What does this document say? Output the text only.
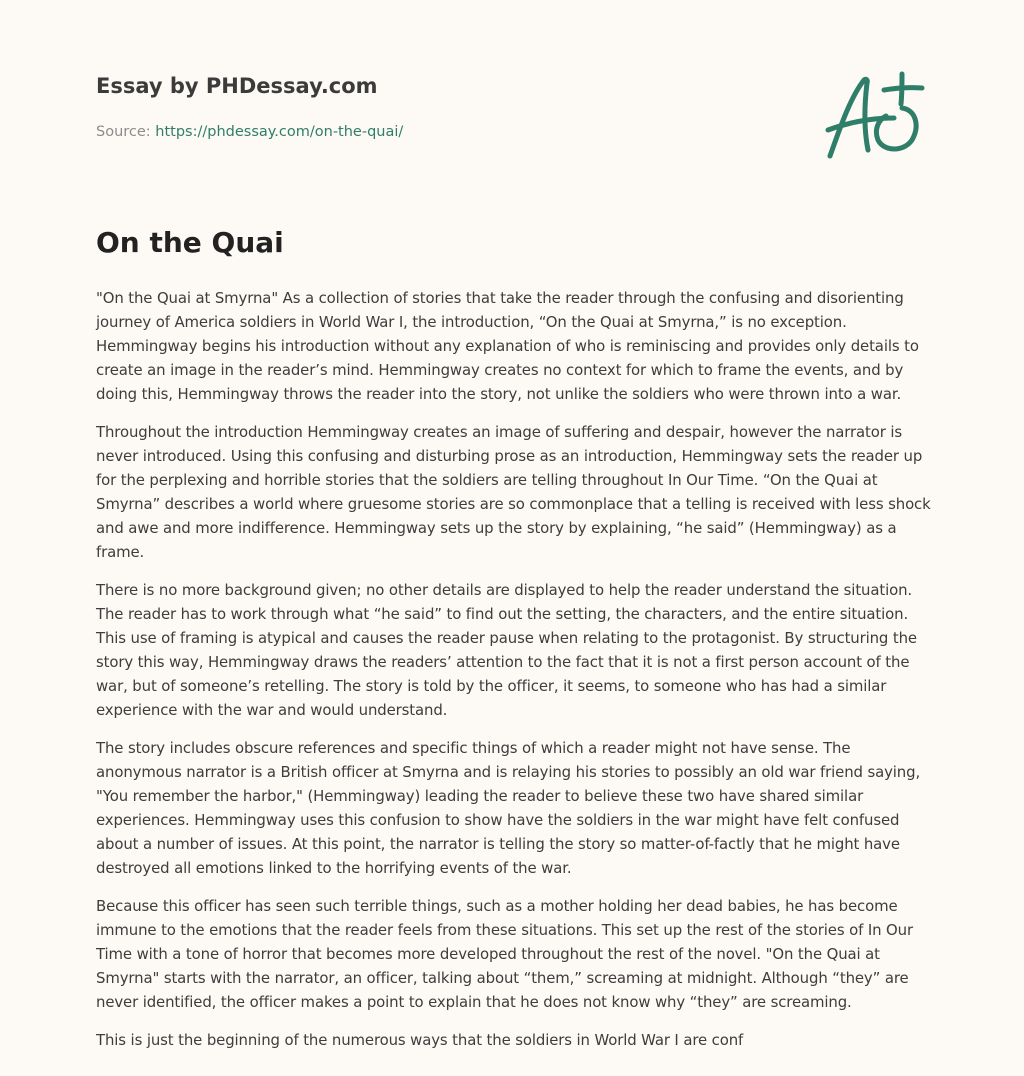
Essay by PHDessay.com
Source: https://phdessay.com/on-the-quai/
On the Quai

"On the Quai at Smyrna" As a collection of stories that take the reader through the confusing and disorienting journey of America soldiers in World War I, the introduction, “On the Quai at Smyrna,” is no exception. Hemmingway begins his introduction without any explanation of who is reminiscing and provides only details to create an image in the reader’s mind. Hemmingway creates no context for which to frame the events, and by doing this, Hemmingway throws the reader into the story, not unlike the soldiers who were thrown into a war.

Throughout the introduction Hemmingway creates an image of suffering and despair, however the narrator is never introduced. Using this confusing and disturbing prose as an introduction, Hemmingway sets the reader up for the perplexing and horrible stories that the soldiers are telling throughout In Our Time. “On the Quai at Smyrna” describes a world where gruesome stories are so commonplace that a telling is received with less shock and awe and more indifference. Hemmingway sets up the story by explaining, “he said” (Hemmingway) as a frame.

There is no more background given; no other details are displayed to help the reader understand the situation. The reader has to work through what “he said” to find out the setting, the characters, and the entire situation. This use of framing is atypical and causes the reader pause when relating to the protagonist. By structuring the story this way, Hemmingway draws the readers’ attention to the fact that it is not a first person account of the war, but of someone’s retelling. The story is told by the officer, it seems, to someone who has had a similar experience with the war and would understand.

The story includes obscure references and specific things of which a reader might not have sense. The anonymous narrator is a British officer at Smyrna and is relaying his stories to possibly an old war friend saying, "You remember the harbor," (Hemmingway) leading the reader to believe these two have shared similar experiences. Hemmingway uses this confusion to show have the soldiers in the war might have felt confused about a number of issues. At this point, the narrator is telling the story so matter-of-factly that he might have destroyed all emotions linked to the horrifying events of the war.

Because this officer has seen such terrible things, such as a mother holding her dead babies, he has become immune to the emotions that the reader feels from these situations. This set up the rest of the stories of In Our Time with a tone of horror that becomes more developed throughout the rest of the novel. "On the Quai at Smyrna" starts with the narrator, an officer, talking about “them,” screaming at midnight. Although “they” are never identified, the officer makes a point to explain that he does not know why “they” are screaming.

This is just the beginning of the numerous ways that the soldiers in World War I are conf
